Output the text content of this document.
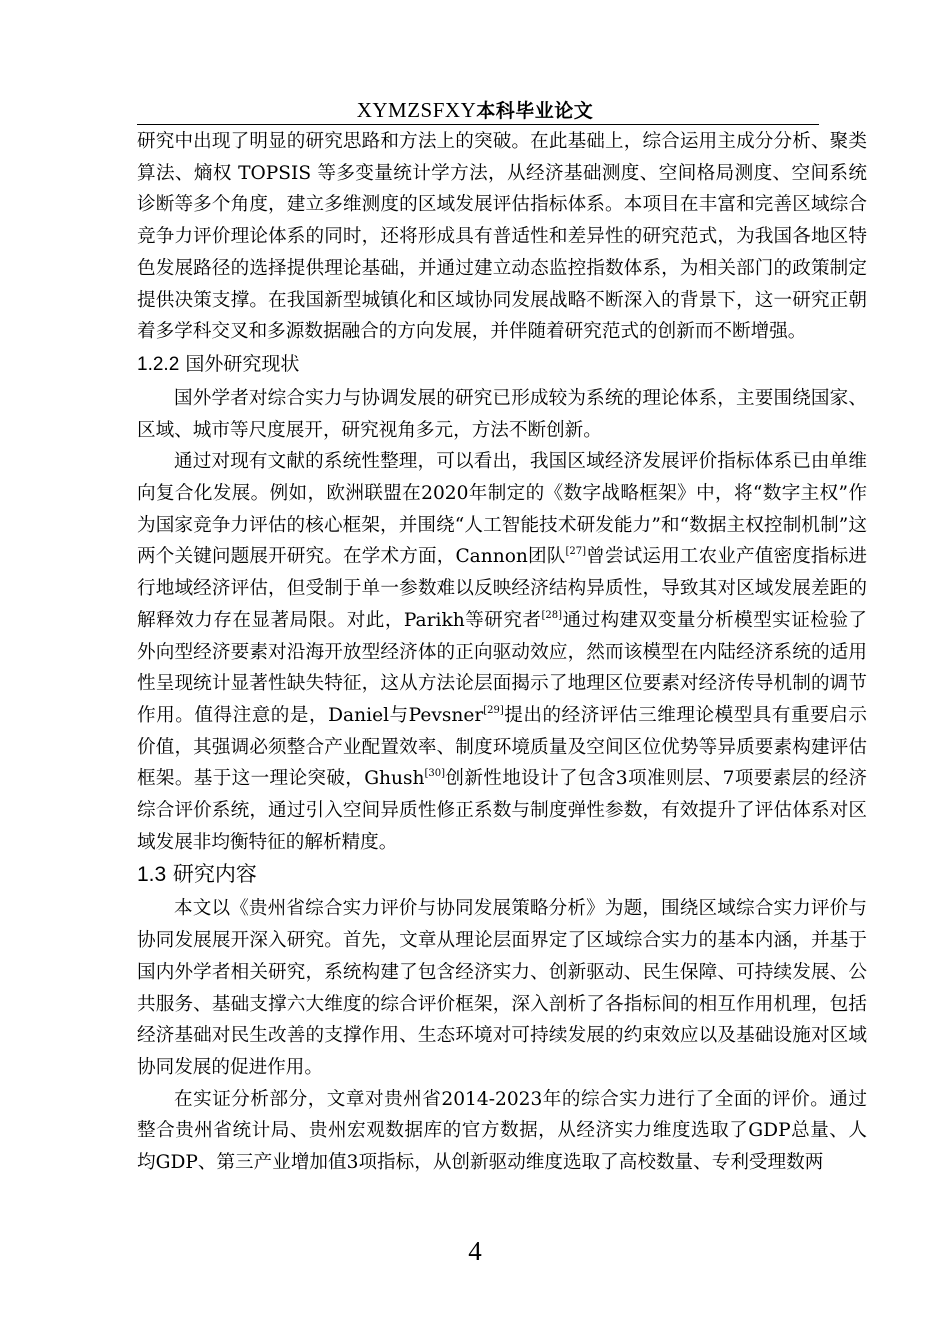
XYMZSFXY本科毕业论文

研究中出现了明显的研究思路和方法上的突破。在此基础上，综合运用主成分分析、聚类算法、熵权 TOPSIS 等多变量统计学方法，从经济基础测度、空间格局测度、空间系统诊断等多个角度，建立多维测度的区域发展评估指标体系。本项目在丰富和完善区域综合竞争力评价理论体系的同时，还将形成具有普适性和差异性的研究范式，为我国各地区特色发展路径的选择提供理论基础，并通过建立动态监控指数体系，为相关部门的政策制定提供决策支撑。在我国新型城镇化和区域协同发展战略不断深入的背景下，这一研究正朝着多学科交叉和多源数据融合的方向发展，并伴随着研究范式的创新而不断增强。

1.2.2 国外研究现状

国外学者对综合实力与协调发展的研究已形成较为系统的理论体系，主要围绕国家、区域、城市等尺度展开，研究视角多元，方法不断创新。

通过对现有文献的系统性整理，可以看出，我国区域经济发展评价指标体系已由单维向复合化发展。例如，欧洲联盟在2020年制定的《数字战略框架》中，将“数字主权”作为国家竞争力评估的核心框架，并围绕“人工智能技术研发能力”和“数据主权控制机制”这两个关键问题展开研究。在学术方面，Cannon团队[27]曾尝试运用工农业产值密度指标进行地域经济评估，但受制于单一参数难以反映经济结构异质性，导致其对区域发展差距的解释效力存在显著局限。对此，Parikh等研究者[28]通过构建双变量分析模型实证检验了外向型经济要素对沿海开放型经济体的正向驱动效应，然而该模型在内陆经济系统的适用性呈现统计显著性缺失特征，这从方法论层面揭示了地理区位要素对经济传导机制的调节作用。值得注意的是，Daniel与Pevsner[29]提出的经济评估三维理论模型具有重要启示价值，其强调必须整合产业配置效率、制度环境质量及空间区位优势等异质要素构建评估框架。基于这一理论突破，Ghush[30]创新性地设计了包含3项准则层、7项要素层的经济综合评价系统，通过引入空间异质性修正系数与制度弹性参数，有效提升了评估体系对区域发展非均衡特征的解析精度。

1.3 研究内容

本文以《贵州省综合实力评价与协同发展策略分析》为题，围绕区域综合实力评价与协同发展展开深入研究。首先，文章从理论层面界定了区域综合实力的基本内涵，并基于国内外学者相关研究，系统构建了包含经济实力、创新驱动、民生保障、可持续发展、公共服务、基础支撑六大维度的综合评价框架，深入剖析了各指标间的相互作用机理，包括经济基础对民生改善的支撑作用、生态环境对可持续发展的约束效应以及基础设施对区域协同发展的促进作用。

在实证分析部分，文章对贵州省2014-2023年的综合实力进行了全面的评价。通过整合贵州省统计局、贵州宏观数据库的官方数据，从经济实力维度选取了GDP总量、人均GDP、第三产业增加值3项指标，从创新驱动维度选取了高校数量、专利受理数两

4
